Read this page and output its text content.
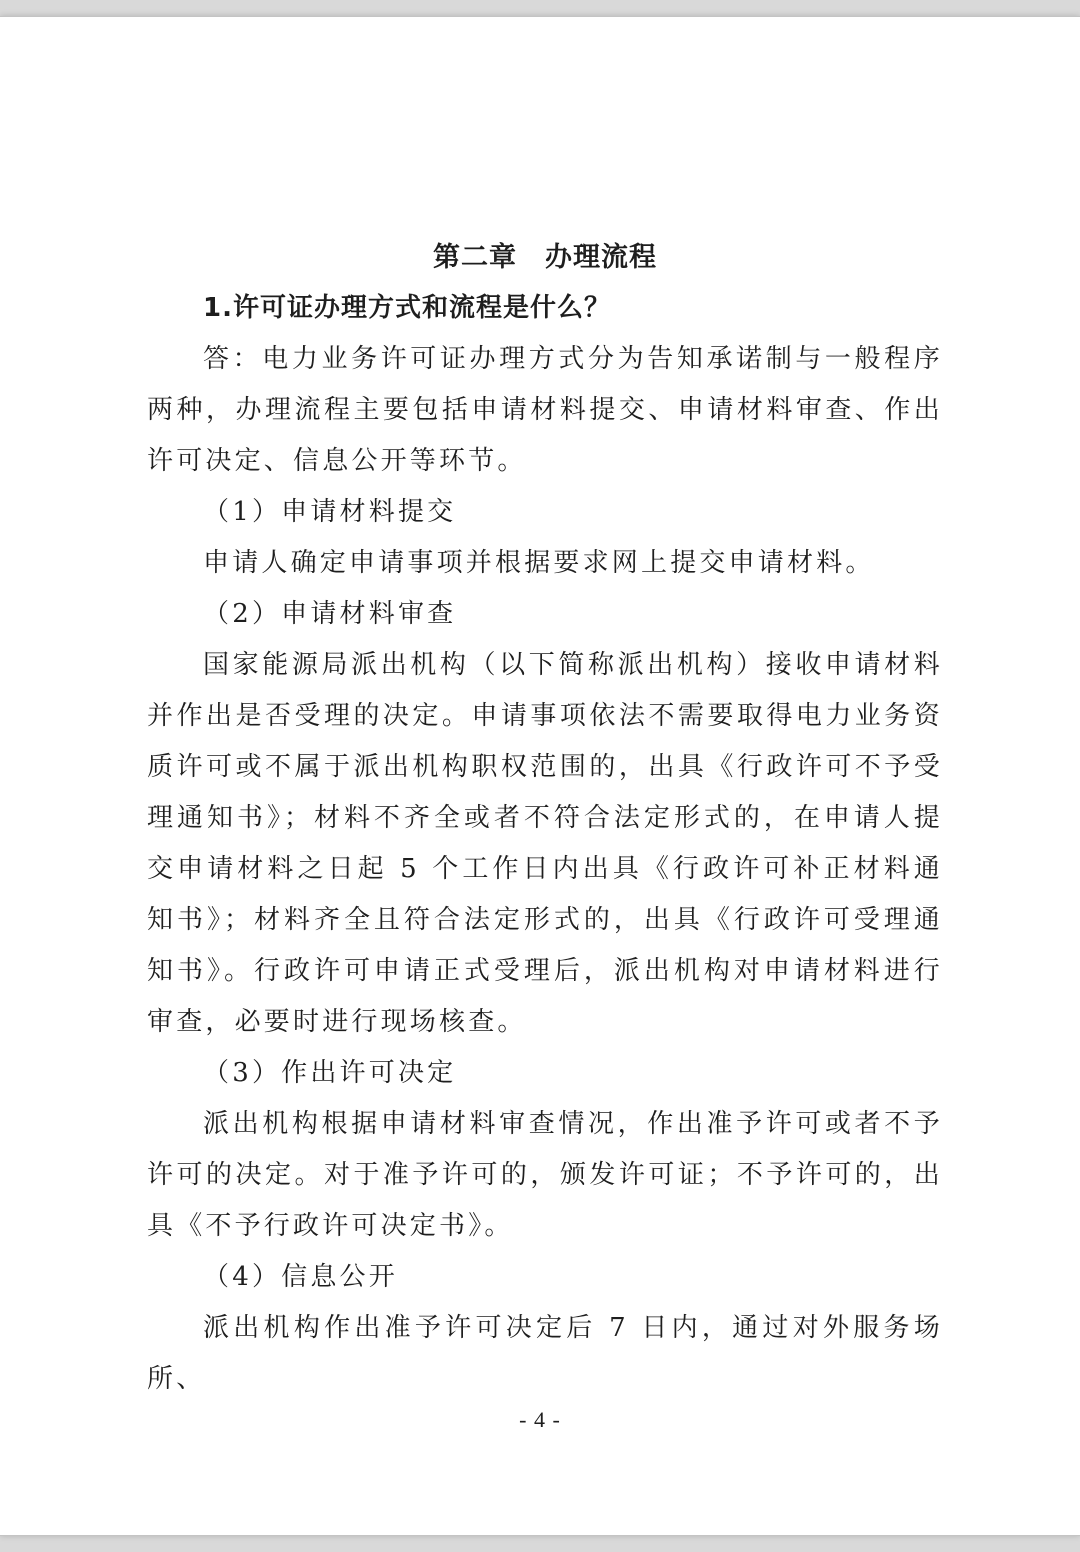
第二章　办理流程

1.许可证办理方式和流程是什么？

答：电力业务许可证办理方式分为告知承诺制与一般程序两种，办理流程主要包括申请材料提交、申请材料审查、作出许可决定、信息公开等环节。

（1）申请材料提交

申请人确定申请事项并根据要求网上提交申请材料。

（2）申请材料审查

国家能源局派出机构（以下简称派出机构）接收申请材料并作出是否受理的决定。申请事项依法不需要取得电力业务资质许可或不属于派出机构职权范围的，出具《行政许可不予受理通知书》；材料不齐全或者不符合法定形式的，在申请人提交申请材料之日起 5 个工作日内出具《行政许可补正材料通知书》；材料齐全且符合法定形式的，出具《行政许可受理通知书》。行政许可申请正式受理后，派出机构对申请材料进行审查，必要时进行现场核查。

（3）作出许可决定

派出机构根据申请材料审查情况，作出准予许可或者不予许可的决定。对于准予许可的，颁发许可证；不予许可的，出具《不予行政许可决定书》。

（4）信息公开

派出机构作出准予许可决定后 7 日内，通过对外服务场所、

- 4 -
